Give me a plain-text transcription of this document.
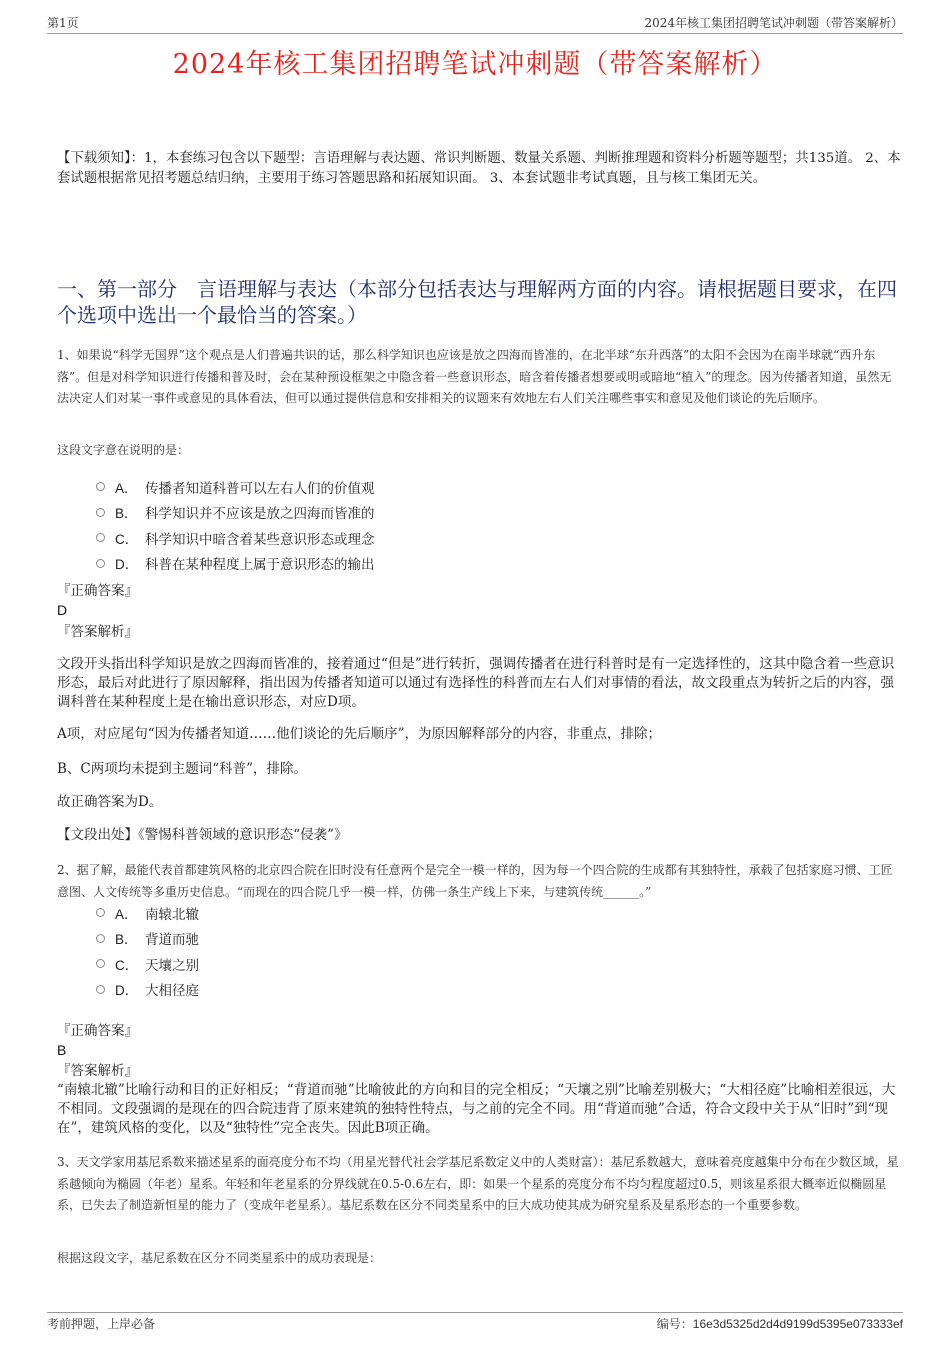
第1页	2024年核工集团招聘笔试冲刺题（带答案解析）
2024年核工集团招聘笔试冲刺题（带答案解析）
【下载须知】：1，本套练习包含以下题型：言语理解与表达题、常识判断题、数量关系题、判断推理题和资料分析题等题型；共135道。 2、本套试题根据常见招考题总结归纳，主要用于练习答题思路和拓展知识面。 3、本套试题非考试真题，且与核工集团无关。
一、第一部分　言语理解与表达（本部分包括表达与理解两方面的内容。请根据题目要求，在四个选项中选出一个最恰当的答案。）
1、如果说“科学无国界”这个观点是人们普遍共识的话，那么科学知识也应该是放之四海而皆准的，在北半球“东升西落”的太阳不会因为在南半球就“西升东落”。但是对科学知识进行传播和普及时，会在某种预设框架之中隐含着一些意识形态，暗含着传播者想要或明或暗地“植入”的理念。因为传播者知道，虽然无法决定人们对某一事件或意见的具体看法，但可以通过提供信息和安排相关的议题来有效地左右人们关注哪些事实和意见及他们谈论的先后顺序。
这段文字意在说明的是：
A． 传播者知道科普可以左右人们的价值观
B． 科学知识并不应该是放之四海而皆准的
C． 科学知识中暗含着某些意识形态或理念
D． 科普在某种程度上属于意识形态的输出
『正确答案』
D
『答案解析』
文段开头指出科学知识是放之四海而皆准的，接着通过“但是”进行转折，强调传播者在进行科普时是有一定选择性的，这其中隐含着一些意识形态，最后对此进行了原因解释，指出因为传播者知道可以通过有选择性的科普而左右人们对事情的看法，故文段重点为转折之后的内容，强调科普在某种程度上是在输出意识形态，对应D项。
A项，对应尾句“因为传播者知道……他们谈论的先后顺序”，为原因解释部分的内容，非重点，排除；
B、C两项均未提到主题词“科普”，排除。
故正确答案为D。
【文段出处】《警惕科普领域的意识形态“侵袭”》
2、据了解，最能代表首都建筑风格的北京四合院在旧时没有任意两个是完全一模一样的，因为每一个四合院的生成都有其独特性，承载了包括家庭习惯、工匠意图、人文传统等多重历史信息。“而现在的四合院几乎一模一样，仿佛一条生产线上下来，与建筑传统______。”
A． 南辕北辙
B． 背道而驰
C． 天壤之别
D． 大相径庭
『正确答案』
B
『答案解析』
“南辕北辙”比喻行动和目的正好相反；“背道而驰”比喻彼此的方向和目的完全相反；“天壤之别”比喻差别极大；“大相径庭”比喻相差很远，大不相同。文段强调的是现在的四合院违背了原来建筑的独特性特点，与之前的完全不同。用“背道而驰”合适，符合文段中关于从“旧时”到“现在”，建筑风格的变化，以及“独特性”完全丧失。因此B项正确。
3、天文学家用基尼系数来描述星系的面亮度分布不均（用星光替代社会学基尼系数定义中的人类财富）：基尼系数越大，意味着亮度越集中分布在少数区域，星系越倾向为椭圆（年老）星系。年轻和年老星系的分界线就在0.5-0.6左右，即：如果一个星系的亮度分布不均匀程度超过0.5，则该星系很大概率近似椭圆星系，已失去了制造新恒星的能力了（变成年老星系）。基尼系数在区分不同类星系中的巨大成功使其成为研究星系及星系形态的一个重要参数。
根据这段文字，基尼系数在区分不同类星系中的成功表现是：
考前押题，上岸必备	编号：16e3d5325d2d4d9199d5395e073333ef
